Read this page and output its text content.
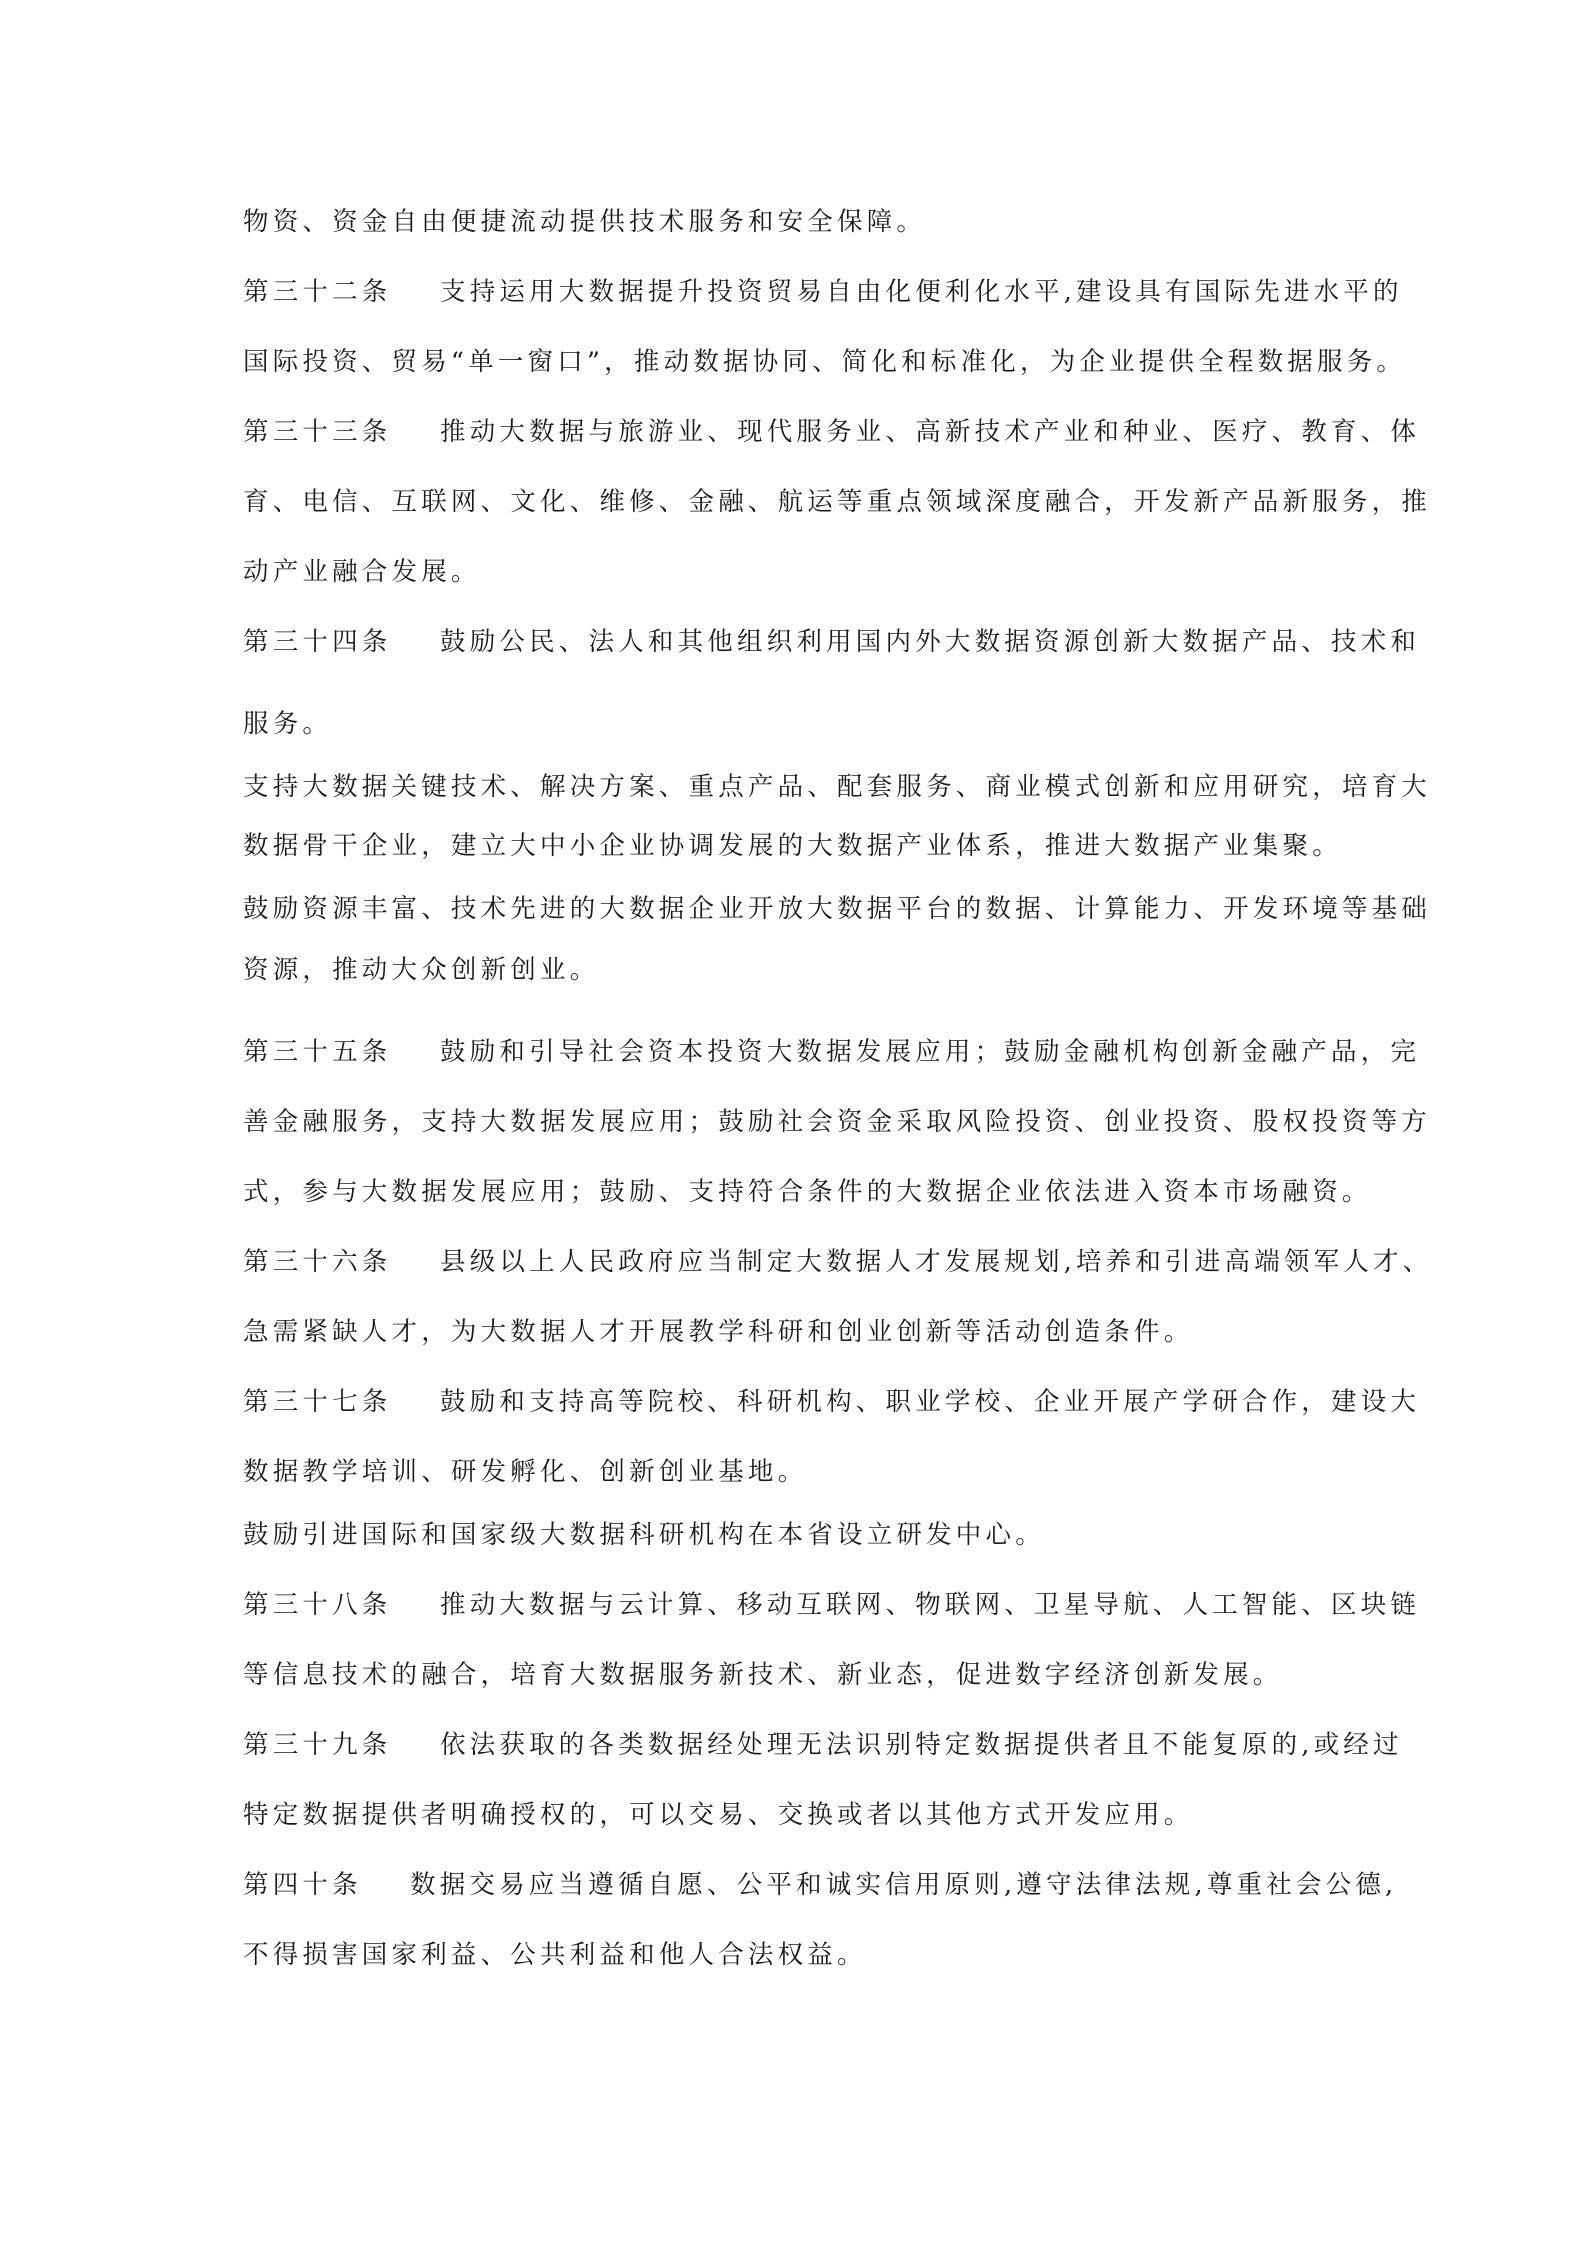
物资、资金自由便捷流动提供技术服务和安全保障。
第三十二条 支持运用大数据提升投资贸易自由化便利化水平,建设具有国际先进水平的
国际投资、贸易“单一窗口”，推动数据协同、简化和标准化，为企业提供全程数据服务。
第三十三条 推动大数据与旅游业、现代服务业、高新技术产业和种业、医疗、教育、体
育、电信、互联网、文化、维修、金融、航运等重点领域深度融合，开发新产品新服务，推
动产业融合发展。
第三十四条 鼓励公民、法人和其他组织利用国内外大数据资源创新大数据产品、技术和
服务。
支持大数据关键技术、解决方案、重点产品、配套服务、商业模式创新和应用研究，培育大
数据骨干企业，建立大中小企业协调发展的大数据产业体系，推进大数据产业集聚。
鼓励资源丰富、技术先进的大数据企业开放大数据平台的数据、计算能力、开发环境等基础
资源，推动大众创新创业。
第三十五条 鼓励和引导社会资本投资大数据发展应用；鼓励金融机构创新金融产品，完
善金融服务，支持大数据发展应用；鼓励社会资金采取风险投资、创业投资、股权投资等方
式，参与大数据发展应用；鼓励、支持符合条件的大数据企业依法进入资本市场融资。
第三十六条 县级以上人民政府应当制定大数据人才发展规划,培养和引进高端领军人才、
急需紧缺人才，为大数据人才开展教学科研和创业创新等活动创造条件。
第三十七条 鼓励和支持高等院校、科研机构、职业学校、企业开展产学研合作，建设大
数据教学培训、研发孵化、创新创业基地。
鼓励引进国际和国家级大数据科研机构在本省设立研发中心。
第三十八条 推动大数据与云计算、移动互联网、物联网、卫星导航、人工智能、区块链
等信息技术的融合，培育大数据服务新技术、新业态，促进数字经济创新发展。
第三十九条 依法获取的各类数据经处理无法识别特定数据提供者且不能复原的,或经过
特定数据提供者明确授权的，可以交易、交换或者以其他方式开发应用。
第四十条 数据交易应当遵循自愿、公平和诚实信用原则,遵守法律法规,尊重社会公德,
不得损害国家利益、公共利益和他人合法权益。
